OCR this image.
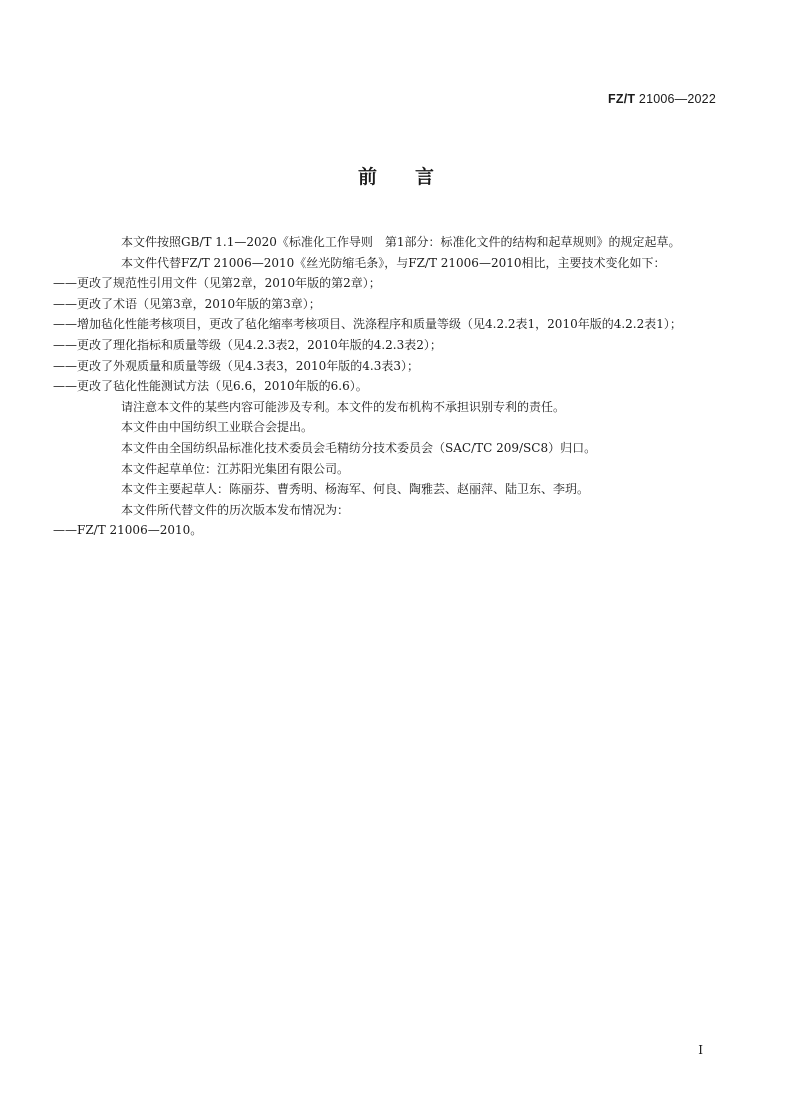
FZ/T 21006—2022
前言

本文件按照GB/T 1.1—2020《标准化工作导则　第1部分：标准化文件的结构和起草规则》的规定起草。

本文件代替FZ/T 21006—2010《丝光防缩毛条》，与FZ/T 21006—2010相比，主要技术变化如下：

——更改了规范性引用文件（见第2章，2010年版的第2章）；

——更改了术语（见第3章，2010年版的第3章）；

——增加毡化性能考核项目，更改了毡化缩率考核项目、洗涤程序和质量等级（见4.2.2表1，2010年版的4.2.2表1）；

——更改了理化指标和质量等级（见4.2.3表2，2010年版的4.2.3表2）；

——更改了外观质量和质量等级（见4.3表3，2010年版的4.3表3）；

——更改了毡化性能测试方法（见6.6，2010年版的6.6）。

请注意本文件的某些内容可能涉及专利。本文件的发布机构不承担识别专利的责任。

本文件由中国纺织工业联合会提出。

本文件由全国纺织品标准化技术委员会毛精纺分技术委员会（SAC/TC 209/SC8）归口。

本文件起草单位：江苏阳光集团有限公司。

本文件主要起草人：陈丽芬、曹秀明、杨海军、何良、陶雅芸、赵丽萍、陆卫东、李玥。

本文件所代替文件的历次版本发布情况为：

——FZ/T 21006—2010。

Ⅰ
